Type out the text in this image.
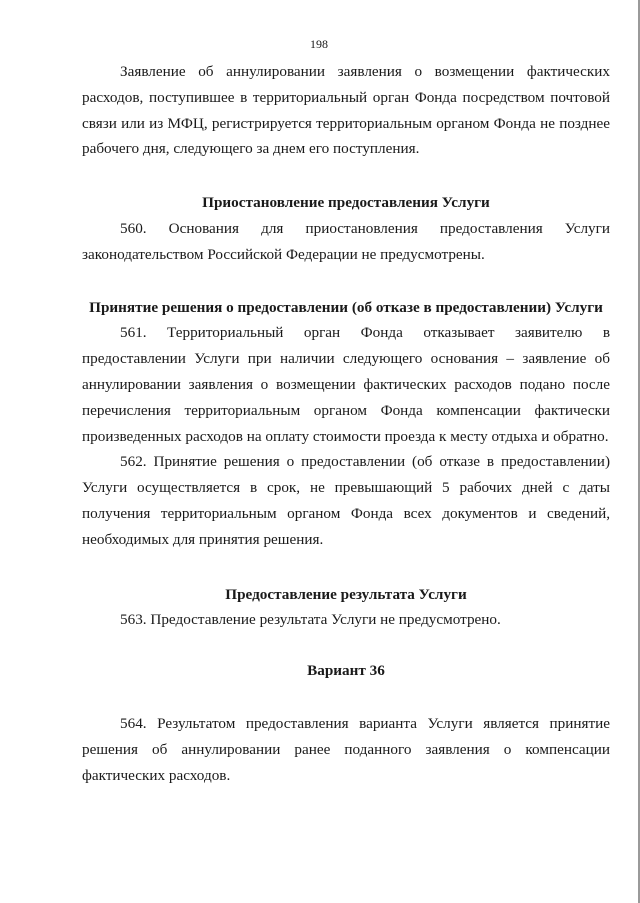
198

Заявление об аннулировании заявления о возмещении фактических расходов, поступившее в территориальный орган Фонда посредством почтовой связи или из МФЦ, регистрируется территориальным органом Фонда не позднее рабочего дня, следующего за днем его поступления.

Приостановление предоставления Услуги

560. Основания для приостановления предоставления Услуги законодательством Российской Федерации не предусмотрены.

Принятие решения о предоставлении (об отказе в предоставлении) Услуги

561. Территориальный орган Фонда отказывает заявителю в предоставлении Услуги при наличии следующего основания – заявление об аннулировании заявления о возмещении фактических расходов подано после перечисления территориальным органом Фонда компенсации фактически произведенных расходов на оплату стоимости проезда к месту отдыха и обратно.

562. Принятие решения о предоставлении (об отказе в предоставлении) Услуги осуществляется в срок, не превышающий 5 рабочих дней с даты получения территориальным органом Фонда всех документов и сведений, необходимых для принятия решения.

Предоставление результата Услуги

563. Предоставление результата Услуги не предусмотрено.

Вариант 36

564. Результатом предоставления варианта Услуги является принятие решения об аннулировании ранее поданного заявления о компенсации фактических расходов.
